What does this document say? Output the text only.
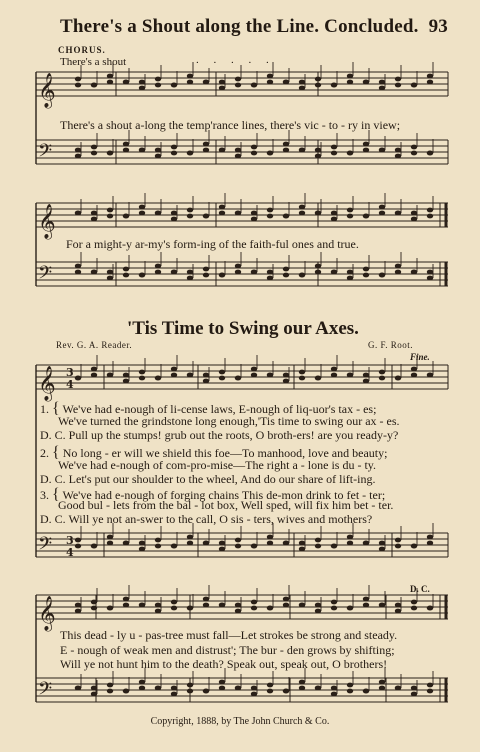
There's a Shout along the Line. Concluded. 93
𝄞
𝄢
𝄞
𝄢
𝄞
𝄢
𝄞
𝄢
3
4
3
4
CHORUS.
There's a shout	. . . . .
There's a shout a-long the temp'rance lines, there's vic - to - ry in view;
For a might-y ar-my's form-ing of the faith-ful ones and true.
'Tis Time to Swing our Axes.
Rev. G. A. Reader.	G. F. Root.
Fine.
1. { We've had e-nough of li-cense laws, E-nough of liq-uor's tax - es;
We've turned the grindstone long enough,'Tis time to swing our ax - es.
D. C. Pull up the stumps! grub out the roots, O broth-ers! are you ready-y?
2. { No long - er will we shield this foe—To manhood, love and beauty;
We've had e-nough of com-pro-mise—The right a - lone is du - ty.
D. C. Let's put our shoulder to the wheel, And do our share of lift-ing.
3. { We've had e-nough of forging chains This de-mon drink to fet - ter;
Good bul - lets from the bal - lot box, Well sped, will fix him bet - ter.
D. C. Will ye not an-swer to the call, O sis - ters, wives and mothers?
D. C.
This dead - ly u - pas-tree must fall—Let strokes be strong and steady.
E - nough of weak men and distrust'; The bur - den grows by shifting;
Will ye not hunt him to the death? Speak out, speak out, O brothers!
Copyright, 1888, by The John Church & Co.
